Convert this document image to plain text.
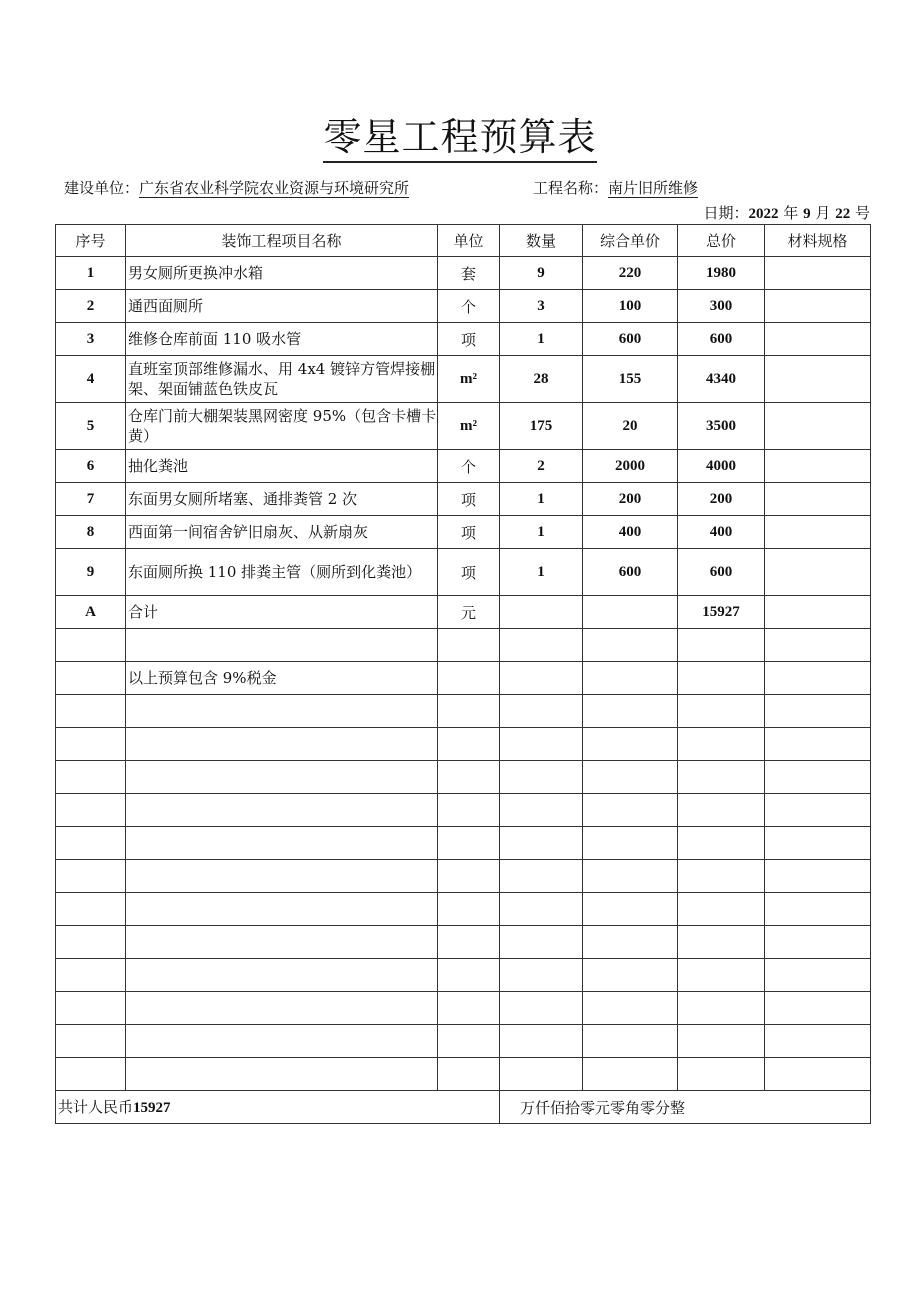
零星工程预算表
建设单位：广东省农业科学院农业资源与环境研究所	工程名称：南片旧所维修
日期：2022 年 9 月 22 号
序号	装饰工程项目名称	单位	数量	综合单价	总价	材料规格
1	男女厕所更换冲水箱	套	9	220	1980	
2	通西面厕所	个	3	100	300	
3	维修仓库前面 110 吸水管	项	1	600	600	
4	直班室顶部维修漏水、用 4x4 镀锌方管焊接棚架、架面铺蓝色铁皮瓦	m²	28	155	4340	
5	仓库门前大棚架装黑网密度 95%（包含卡槽卡黄）	m²	175	20	3500	
6	抽化粪池	个	2	2000	4000	
7	东面男女厕所堵塞、通排粪管 2 次	项	1	200	200	
8	西面第一间宿舍铲旧扇灰、从新扇灰	项	1	400	400	
9	东面厕所换 110 排粪主管（厕所到化粪池）	项	1	600	600	
A	合计	元			15927	

	以上预算包含 9%税金					

共计人民币15927			万仟佰拾零元零角零分整			
